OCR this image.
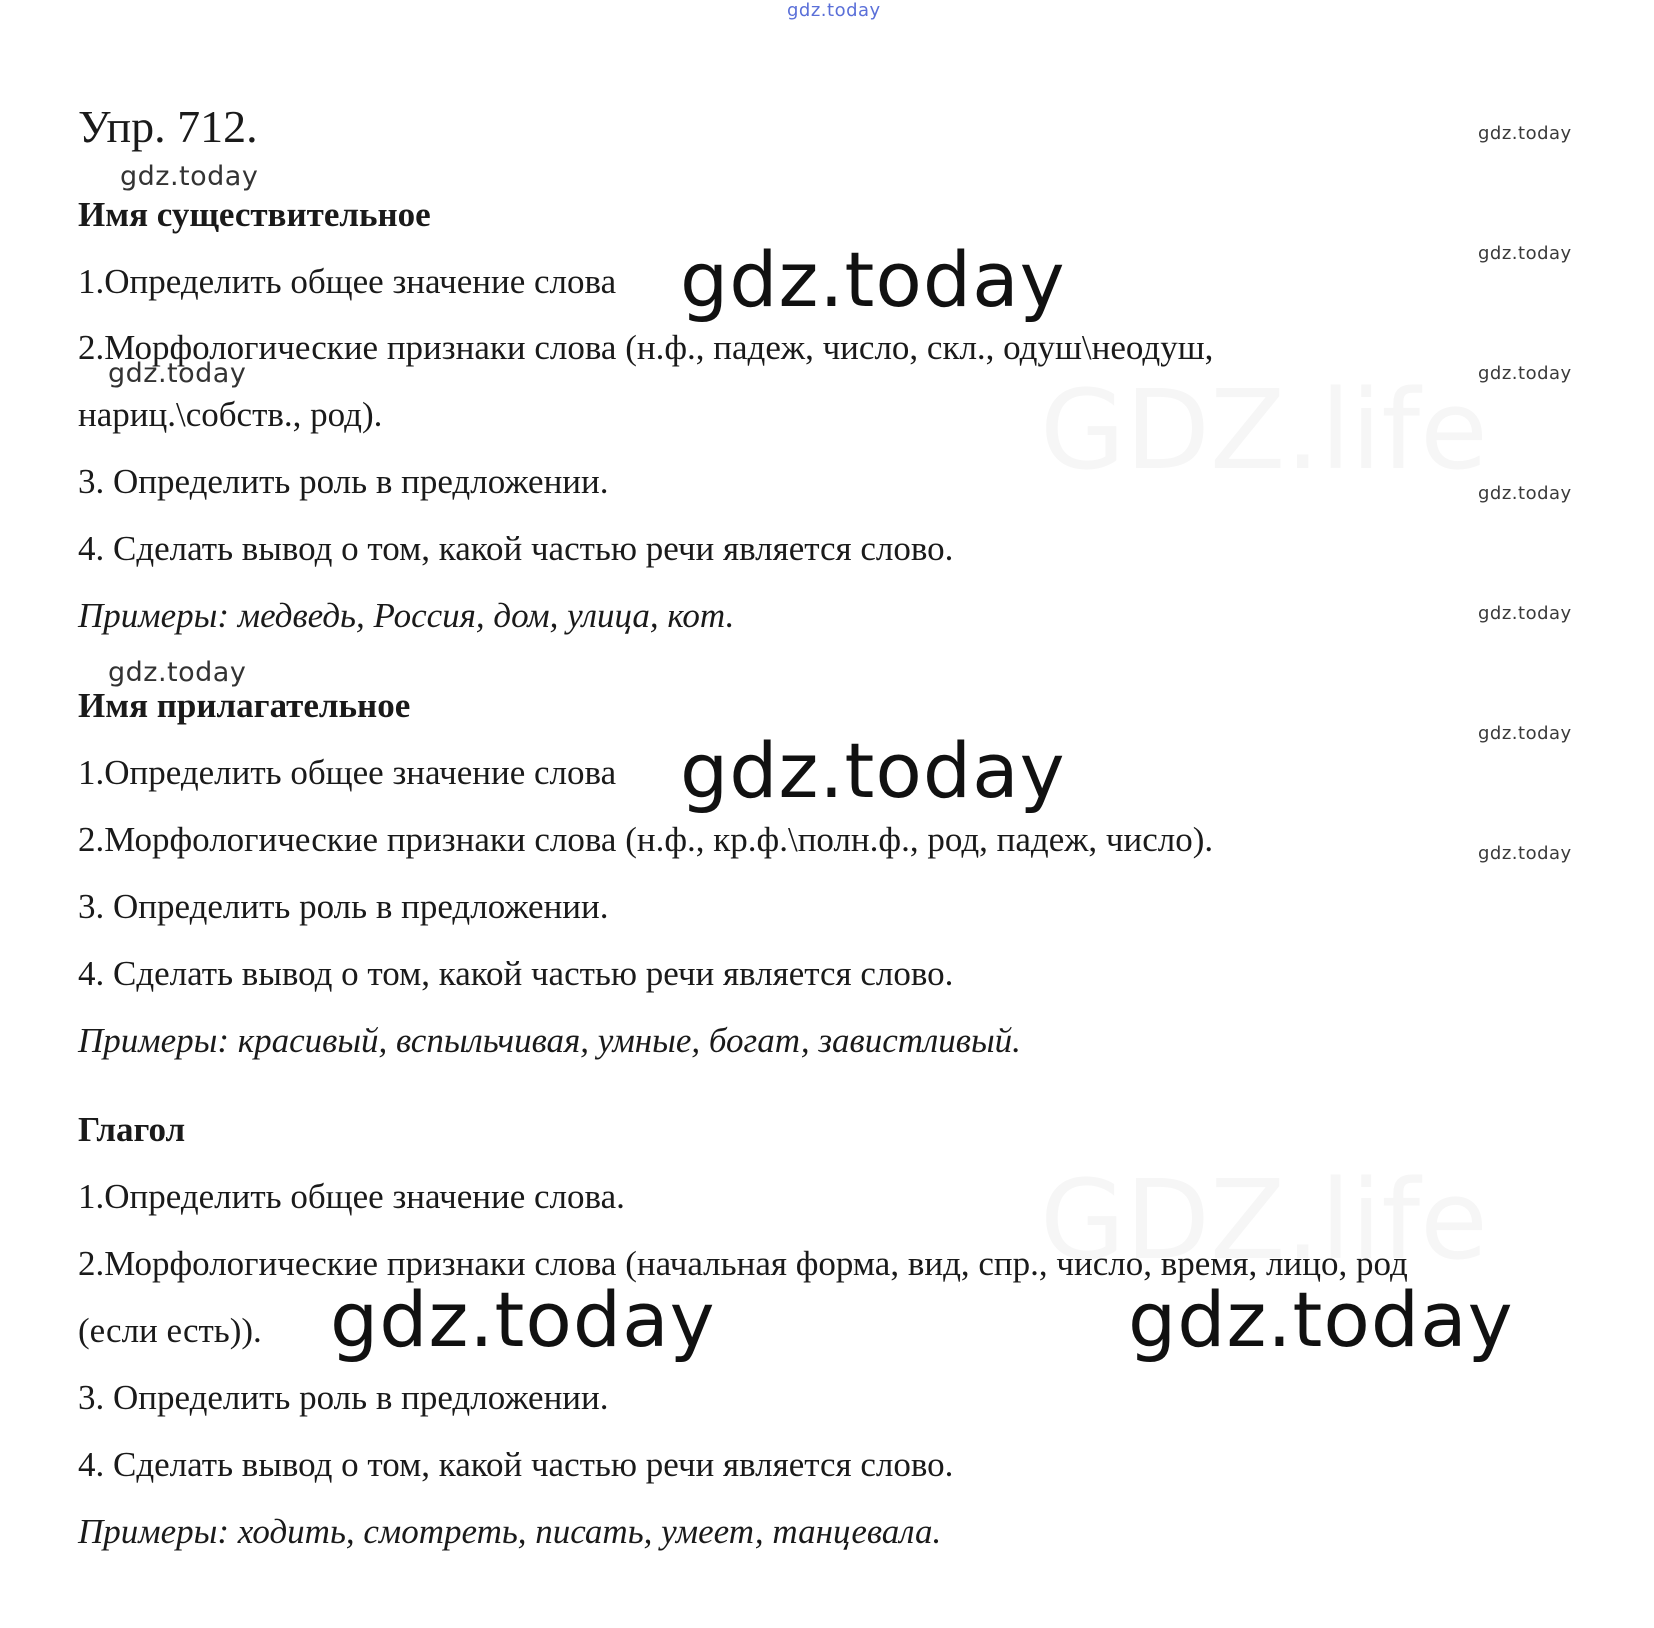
GDZ.life
GDZ.life
gdz.today
gdz.today
gdz.today
gdz.today
gdz.today
gdz.today
gdz.today
gdz.today
Упр. 712.
gdz.today
Имя существительное
1.Определить общее значение слова gdz.today
2.Морфологические признаки слова (н.ф., падеж, число, скл., одуш\неодуш,
gdz.today
нариц.\собств., род).
3. Определить роль в предложении.
4. Сделать вывод о том, какой частью речи является слово.
Примеры: медведь, Россия, дом, улица, кот.
gdz.today
Имя прилагательное
1.Определить общее значение слова gdz.today
2.Морфологические признаки слова (н.ф., кр.ф.\полн.ф., род, падеж, число).
3. Определить роль в предложении.
4. Сделать вывод о том, какой частью речи является слово.
Примеры: красивый, вспыльчивая, умные, богат, завистливый.
Глагол
1.Определить общее значение слова.
2.Морфологические признаки слова (начальная форма, вид, спр., число, время, лицо, род
(если есть)). gdz.today	gdz.today
3. Определить роль в предложении.
4. Сделать вывод о том, какой частью речи является слово.
Примеры: ходить, смотреть, писать, умеет, танцевала.
